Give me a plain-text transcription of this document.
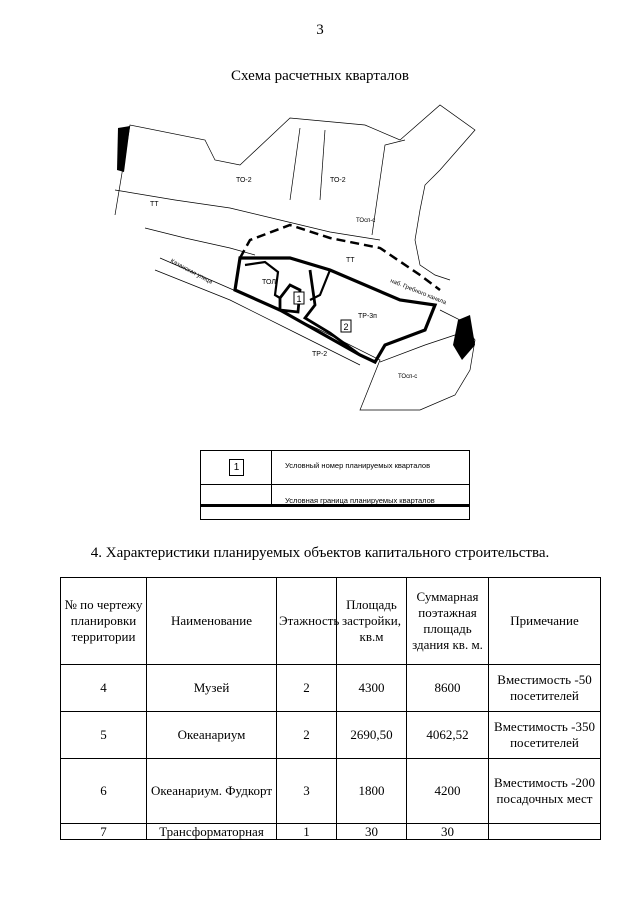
3
Схема расчетных кварталов
1
2
ТТ
ТО-2	ТО-2
ТОсп-с
ТТ
ТОЛ
ТР-3п
ТР-2
ТОсп-с
наб. Гребного канала
Казанская улица
1	Условный номер планируемых кварталов
Условная граница планируемых кварталов
4. Характеристики планируемых объектов капитального строительства.
№ по чертежу планировки территории	Наименование	Этажность	Площадь застройки, кв.м	Суммарная поэтажная площадь здания кв. м.	Примечание
4	Музей	2	4300	8600	Вместимость -50 посетителей
5	Океанариум	2	2690,50	4062,52	Вместимость -350 посетителей
6	Океанариум. Фудкорт	3	1800	4200	Вместимость -200 посадочных мест
7	Трансформаторная	1	30	30	
